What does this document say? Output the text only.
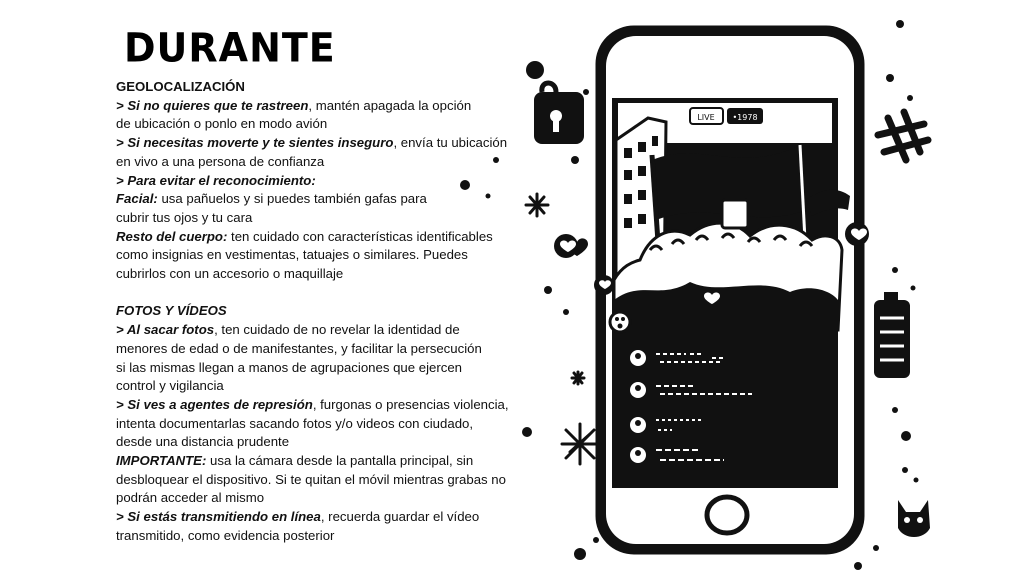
DURANTE
GEOLOCALIZACIÓN
> Si no quieres que te rastreen, mantén apagada la opción
de ubicación o ponlo en modo avión
> Si necesitas moverte y te sientes inseguro, envía tu ubicación
en vivo a una persona de confianza
> Para evitar el reconocimiento:
Facial: usa pañuelos y si puedes también gafas para
cubrir tus ojos y tu cara
Resto del cuerpo: ten cuidado con características identificables
como insignias en vestimentas, tatuajes o similares. Puedes
cubrirlos con un accesorio o maquillaje
FOTOS Y VÍDEOS
> Al sacar fotos, ten cuidado de no revelar la identidad de
menores de edad o de manifestantes, y facilitar la persecución
si las mismas llegan a manos de agrupaciones que ejercen
control y vigilancia
> Si ves a agentes de represión, furgonas o presencias violencia,
intenta documentarlas sacando fotos y/o videos con ciudado,
desde una distancia prudente
IMPORTANTE: usa la cámara desde la pantalla principal, sin
desbloquear el dispositivo. Si te quitan el móvil mientras grabas no
podrán acceder al mismo
> Si estás transmitiendo en línea, recuerda guardar el vídeo
transmitido, como evidencia posterior
LIVE •1978
